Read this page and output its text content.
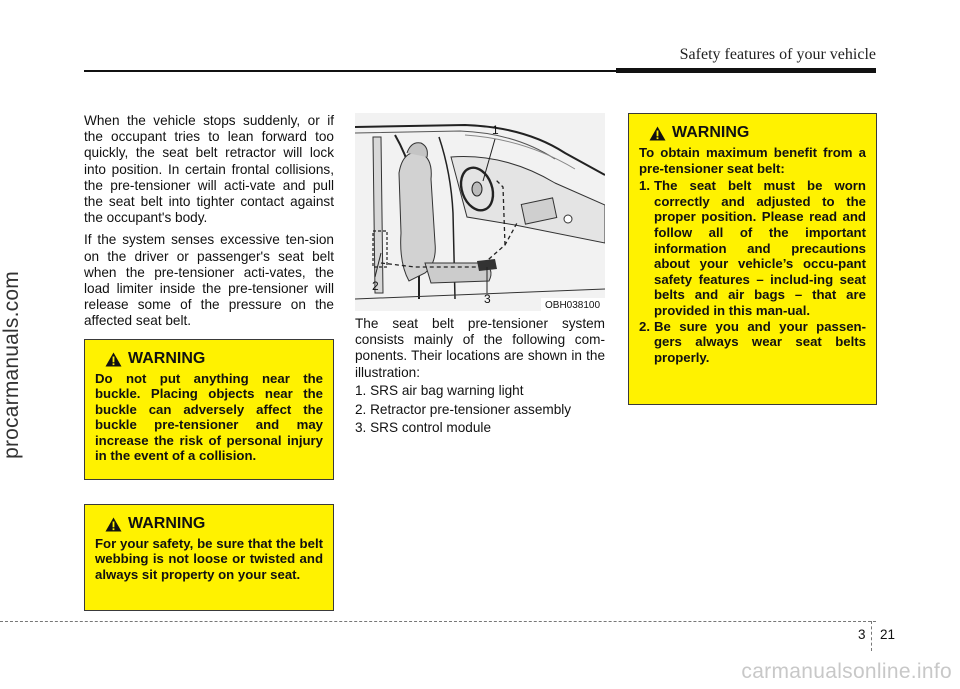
Safety features of your vehicle
procarmanuals.com

When the vehicle stops suddenly, or if the occupant tries to lean forward too quickly, the seat belt retractor will lock into position. In certain frontal collisions, the pre-tensioner will acti-vate and pull the seat belt into tighter contact against the occupant's body.

If the system senses excessive ten-sion on the driver or passenger's seat belt when the pre-tensioner acti-vates, the load limiter inside the pre-tensioner will release some of the pressure on the affected seat belt.

WARNING
Do not put anything near the buckle. Placing objects near the buckle can adversely affect the buckle pre-tensioner and may increase the risk of personal injury in the event of a collision.
WARNING
For your safety, be sure that the belt webbing is not loose or twisted and always sit property on your seat.
1
2
3	OBH038100

The seat belt pre-tensioner system consists mainly of the following com-ponents. Their locations are shown in the illustration:

1. SRS air bag warning light
2. Retractor pre-tensioner assembly
3. SRS control module
WARNING
To obtain maximum benefit from a pre-tensioner seat belt:
1. The seat belt must be worn correctly and adjusted to the proper position. Please read and follow all of the important information and precautions about your vehicle’s occu-pant safety features – includ-ing seat belts and air bags – that are provided in this man-ual.
2. Be sure you and your passen-gers always wear seat belts properly.
3 21
carmanualsonline.info
